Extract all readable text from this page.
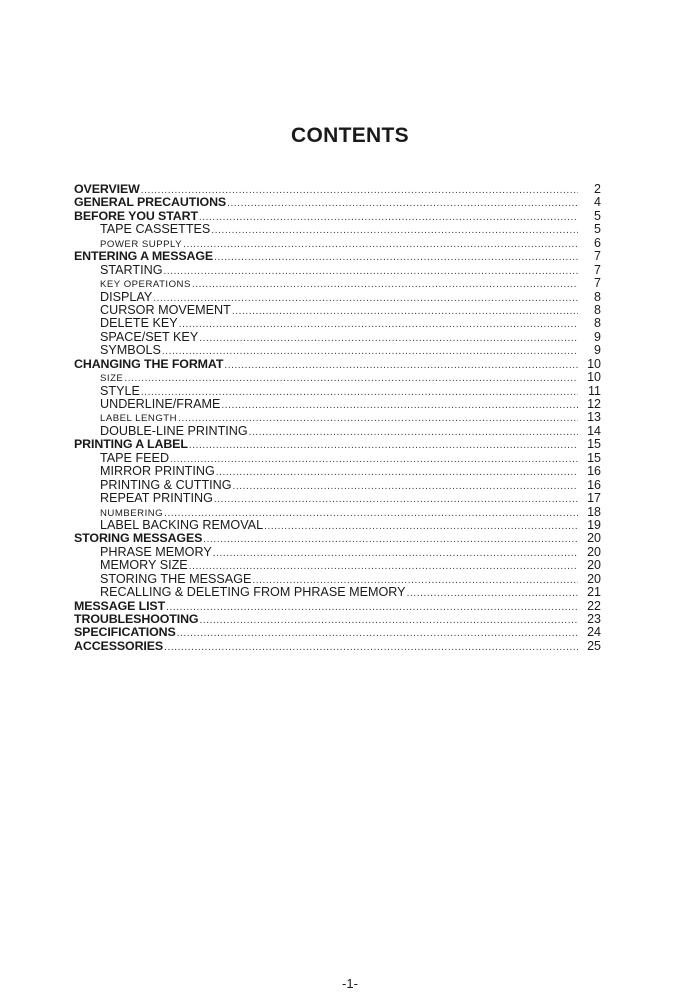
CONTENTS
OVERVIEW .....	2
GENERAL PRECAUTIONS .....	4
BEFORE YOU START .....	5
TAPE CASSETTES .....	5
POWER SUPPLY .....	6
ENTERING A MESSAGE .....	7
STARTING .....	7
KEY OPERATIONS .....	7
DISPLAY .....	8
CURSOR MOVEMENT .....	8
DELETE KEY .....	8
SPACE/SET KEY .....	9
SYMBOLS .....	9
CHANGING THE FORMAT .....	10
SIZE .....	10
STYLE .....	11
UNDERLINE/FRAME .....	12
LABEL LENGTH .....	13
DOUBLE-LINE PRINTING .....	14
PRINTING A LABEL .....	15
TAPE FEED .....	15
MIRROR PRINTING .....	16
PRINTING & CUTTING .....	16
REPEAT PRINTING .....	17
NUMBERING .....	18
LABEL BACKING REMOVAL .....	19
STORING MESSAGES .....	20
PHRASE MEMORY .....	20
MEMORY SIZE .....	20
STORING THE MESSAGE .....	20
RECALLING & DELETING FROM PHRASE MEMORY .....	21
MESSAGE LIST .....	22
TROUBLESHOOTING .....	23
SPECIFICATIONS .....	24
ACCESSORIES .....	25
-1-
